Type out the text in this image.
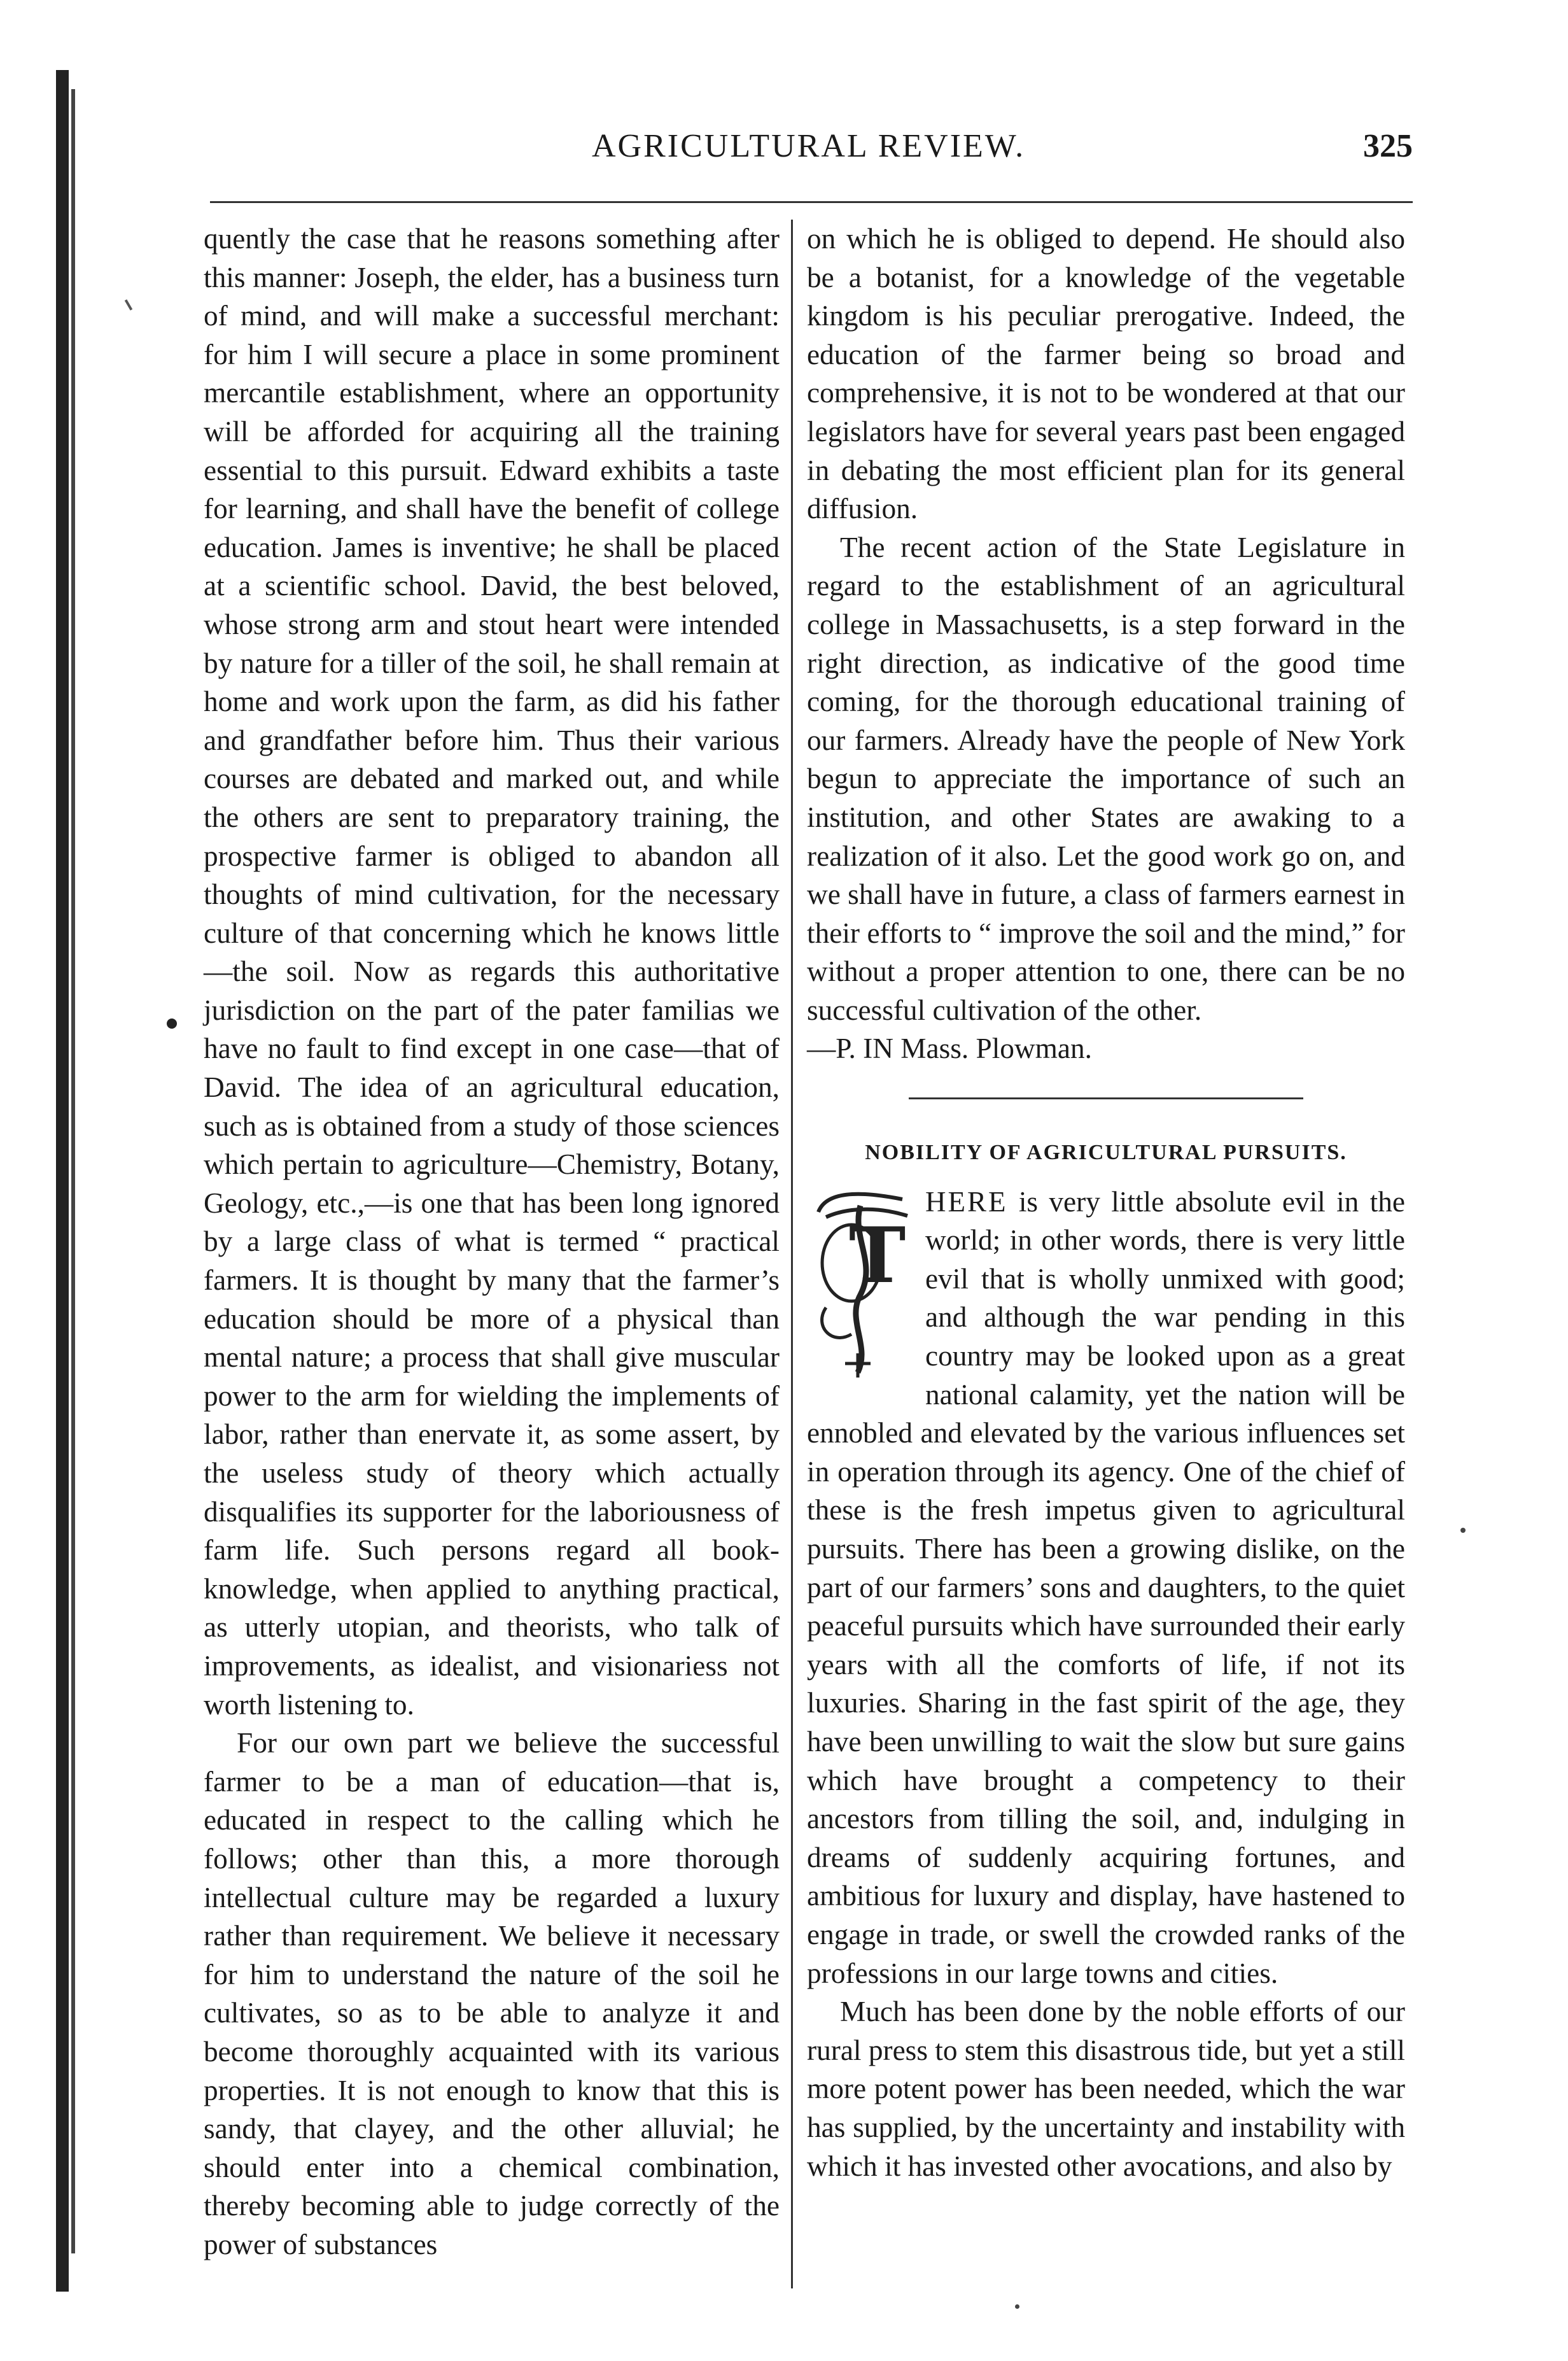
AGRICULTURAL REVIEW.	325

quently the case that he reasons something after this manner: Joseph, the elder, has a business turn of mind, and will make a successful merchant: for him I will secure a place in some prominent mercantile establishment, where an opportunity will be afforded for acquiring all the training essential to this pursuit. Edward exhibits a taste for learning, and shall have the benefit of college education. James is inventive; he shall be placed at a scientific school. David, the best beloved, whose strong arm and stout heart were intended by nature for a tiller of the soil, he shall remain at home and work upon the farm, as did his father and grandfather before him. Thus their various courses are debated and marked out, and while the others are sent to preparatory training, the prospective farmer is obliged to abandon all thoughts of mind cultivation, for the necessary culture of that concerning which he knows little—the soil. Now as regards this authoritative jurisdiction on the part of the pater familias we have no fault to find except in one case—that of David. The idea of an agricultural education, such as is obtained from a study of those sciences which pertain to agriculture—Chemistry, Botany, Geology, etc.,—is one that has been long ignored by a large class of what is termed “ practical farmers. It is thought by many that the farmer’s education should be more of a physical than mental nature; a process that shall give muscular power to the arm for wielding the implements of labor, rather than enervate it, as some assert, by the useless study of theory which actually disqualifies its supporter for the laboriousness of farm life. Such persons regard all book-knowledge, when applied to anything practical, as utterly utopian, and theorists, who talk of improvements, as idealist, and visionariess not worth listening to.

For our own part we believe the successful farmer to be a man of education—that is, educated in respect to the calling which he follows; other than this, a more thorough intellectual culture may be regarded a luxury rather than requirement. We believe it necessary for him to understand the nature of the soil he cultivates, so as to be able to analyze it and become thoroughly acquainted with its various properties. It is not enough to know that this is sandy, that clayey, and the other alluvial; he should enter into a chemical combination, thereby becoming able to judge correctly of the power of substances

on which he is obliged to depend. He should also be a botanist, for a knowledge of the vegetable kingdom is his peculiar prerogative. Indeed, the education of the farmer being so broad and comprehensive, it is not to be wondered at that our legislators have for several years past been engaged in debating the most efficient plan for its general diffusion.

The recent action of the State Legislature in regard to the establishment of an agricultural college in Massachusetts, is a step forward in the right direction, as indicative of the good time coming, for the thorough educational training of our farmers. Already have the people of New York begun to appreciate the importance of such an institution, and other States are awaking to a realization of it also. Let the good work go on, and we shall have in future, a class of farmers earnest in their efforts to “ improve the soil and the mind,” for without a proper attention to one, there can be no successful cultivation of the other.

—P. IN Mass. Plowman.

NOBILITY OF AGRICULTURAL PURSUITS.
T
HERE is very little absolute evil in the world; in other words, there is very little evil that is wholly unmixed with good; and although the war pending in this country may be looked upon as a great national calamity, yet the nation will be ennobled and elevated by the various influences set in operation through its agency. One of the chief of these is the fresh impetus given to agricultural pursuits. There has been a growing dislike, on the part of our farmers’ sons and daughters, to the quiet peaceful pursuits which have surrounded their early years with all the comforts of life, if not its luxuries. Sharing in the fast spirit of the age, they have been unwilling to wait the slow but sure gains which have brought a competency to their ancestors from tilling the soil, and, indulging in dreams of suddenly acquiring fortunes, and ambitious for luxury and display, have hastened to engage in trade, or swell the crowded ranks of the professions in our large towns and cities.

Much has been done by the noble efforts of our rural press to stem this disastrous tide, but yet a still more potent power has been needed, which the war has supplied, by the uncertainty and instability with which it has invested other avocations, and also by
